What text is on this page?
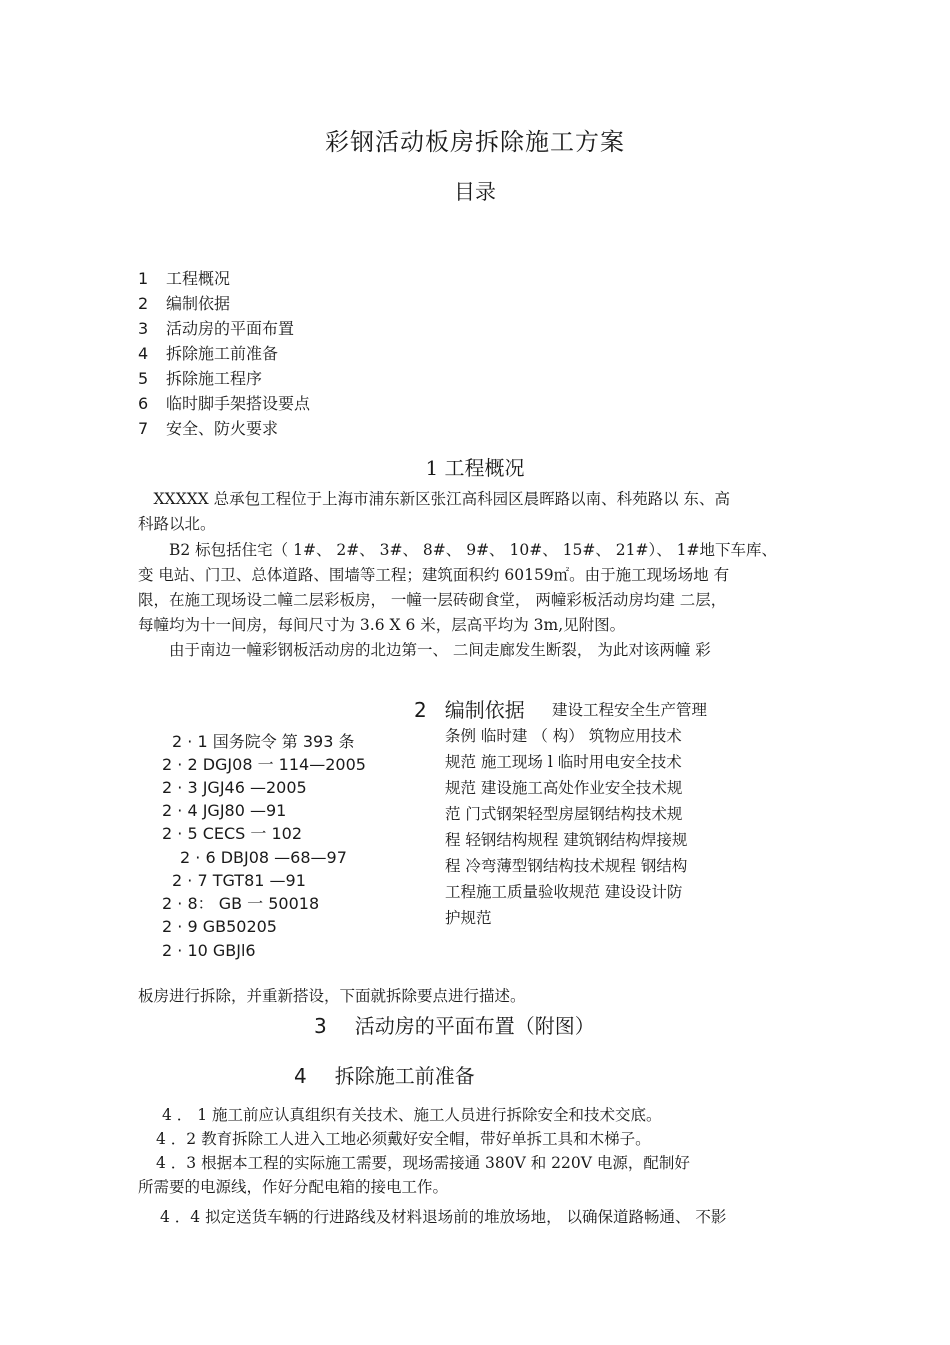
彩钢活动板房拆除施工方案
目录
1 工程概况
2 编制依据
3 活动房的平面布置
4 拆除施工前准备
5 拆除施工程序
6 临时脚手架搭设要点
7 安全、防火要求
1 工程概况
　XXXXX 总承包工程位于上海市浦东新区张江高科园区晨晖路以南、科苑路以 东、高
科路以北。
　　B2 标包括住宅（ 1#、 2#、 3#、 8#、 9#、 10#、 15#、 21#）、 1#地下车库、
变 电站、门卫、总体道路、围墙等工程；建筑面积约 60159㎡。由于施工现场场地 有
限，在施工现场设二幢二层彩板房， 一幢一层砖砌食堂， 两幢彩板活动房均建 二层，
每幢均为十一间房，每间尺寸为 3.6 X 6 米，层高平均为 3m,见附图。
　　由于南边一幢彩钢板活动房的北边第一、 二间走廊发生断裂， 为此对该两幢 彩
2 编制依据 建设工程安全生产管理
条例 临时建 （ 构） 筑物应用技术
规范 施工现场 l 临时用电安全技术
规范 建设施工高处作业安全技术规
范 门式钢架轻型房屋钢结构技术规
程 轻钢结构规程 建筑钢结构焊接规
程 冷弯薄型钢结构技术规程 钢结构
工程施工质量验收规范 建设设计防
护规范
2 · 1 国务院令 第 393 条
2 · 2 DGJ08 一 114—2005
2 · 3 JGJ46 —2005
2 · 4 JGJ80 —91
2 · 5 CECS 一 102
2 · 6 DBJ08 —68—97
2 · 7 TGT81 —91
2 · 8： GB 一 50018
2 · 9 GB50205
2 · 10 GBJl6
板房进行拆除，并重新搭设，下面就拆除要点进行描述。
3 活动房的平面布置（附图）
4 拆除施工前准备
4 ． 1 施工前应认真组织有关技术、施工人员进行拆除安全和技术交底。
4 ．2 教育拆除工人进入工地必须戴好安全帽，带好单拆工具和木梯子。
4 ．3 根据本工程的实际施工需要，现场需接通 380V 和 220V 电源，配制好
所需要的电源线，作好分配电箱的接电工作。
4 ．4 拟定送货车辆的行进路线及材料退场前的堆放场地， 以确保道路畅通、 不影
